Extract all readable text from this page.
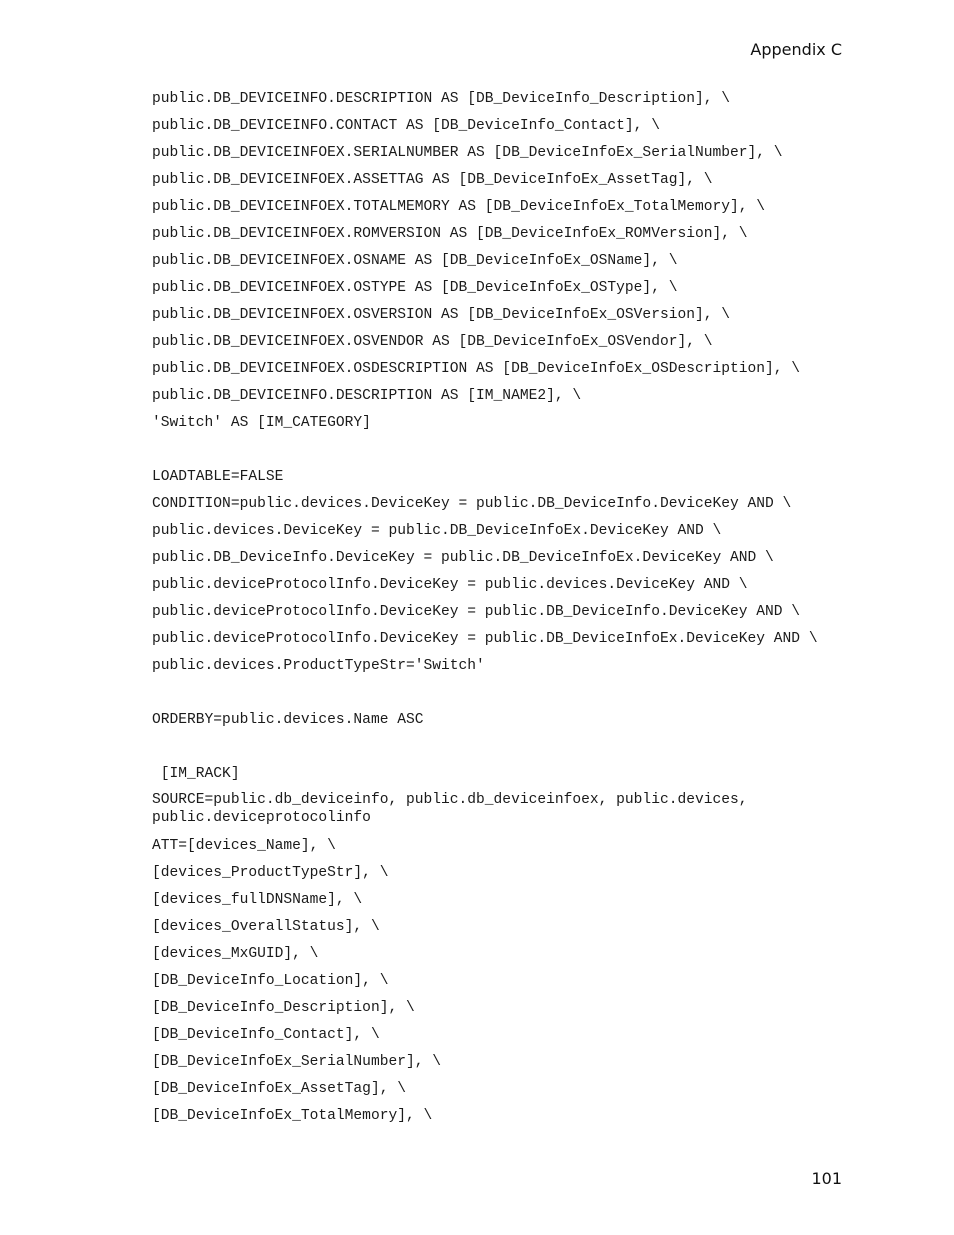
Appendix C
public.DB_DEVICEINFO.DESCRIPTION AS [DB_DeviceInfo_Description], \
public.DB_DEVICEINFO.CONTACT AS [DB_DeviceInfo_Contact], \
public.DB_DEVICEINFOEX.SERIALNUMBER AS [DB_DeviceInfoEx_SerialNumber], \
public.DB_DEVICEINFOEX.ASSETTAG AS [DB_DeviceInfoEx_AssetTag], \
public.DB_DEVICEINFOEX.TOTALMEMORY AS [DB_DeviceInfoEx_TotalMemory], \
public.DB_DEVICEINFOEX.ROMVERSION AS [DB_DeviceInfoEx_ROMVersion], \
public.DB_DEVICEINFOEX.OSNAME AS [DB_DeviceInfoEx_OSName], \
public.DB_DEVICEINFOEX.OSTYPE AS [DB_DeviceInfoEx_OSType], \
public.DB_DEVICEINFOEX.OSVERSION AS [DB_DeviceInfoEx_OSVersion], \
public.DB_DEVICEINFOEX.OSVENDOR AS [DB_DeviceInfoEx_OSVendor], \
public.DB_DEVICEINFOEX.OSDESCRIPTION AS [DB_DeviceInfoEx_OSDescription], \
public.DB_DEVICEINFO.DESCRIPTION AS [IM_NAME2], \
'Switch' AS [IM_CATEGORY]
LOADTABLE=FALSE
CONDITION=public.devices.DeviceKey = public.DB_DeviceInfo.DeviceKey AND \
public.devices.DeviceKey = public.DB_DeviceInfoEx.DeviceKey AND \
public.DB_DeviceInfo.DeviceKey = public.DB_DeviceInfoEx.DeviceKey AND \
public.deviceProtocolInfo.DeviceKey = public.devices.DeviceKey AND \
public.deviceProtocolInfo.DeviceKey = public.DB_DeviceInfo.DeviceKey AND \
public.deviceProtocolInfo.DeviceKey = public.DB_DeviceInfoEx.DeviceKey AND \
public.devices.ProductTypeStr='Switch'
ORDERBY=public.devices.Name ASC
[IM_RACK]
SOURCE=public.db_deviceinfo, public.db_deviceinfoex, public.devices,
public.deviceprotocolinfo
ATT=[devices_Name], \
[devices_ProductTypeStr], \
[devices_fullDNSName], \
[devices_OverallStatus], \
[devices_MxGUID], \
[DB_DeviceInfo_Location], \
[DB_DeviceInfo_Description], \
[DB_DeviceInfo_Contact], \
[DB_DeviceInfoEx_SerialNumber], \
[DB_DeviceInfoEx_AssetTag], \
[DB_DeviceInfoEx_TotalMemory], \
101
